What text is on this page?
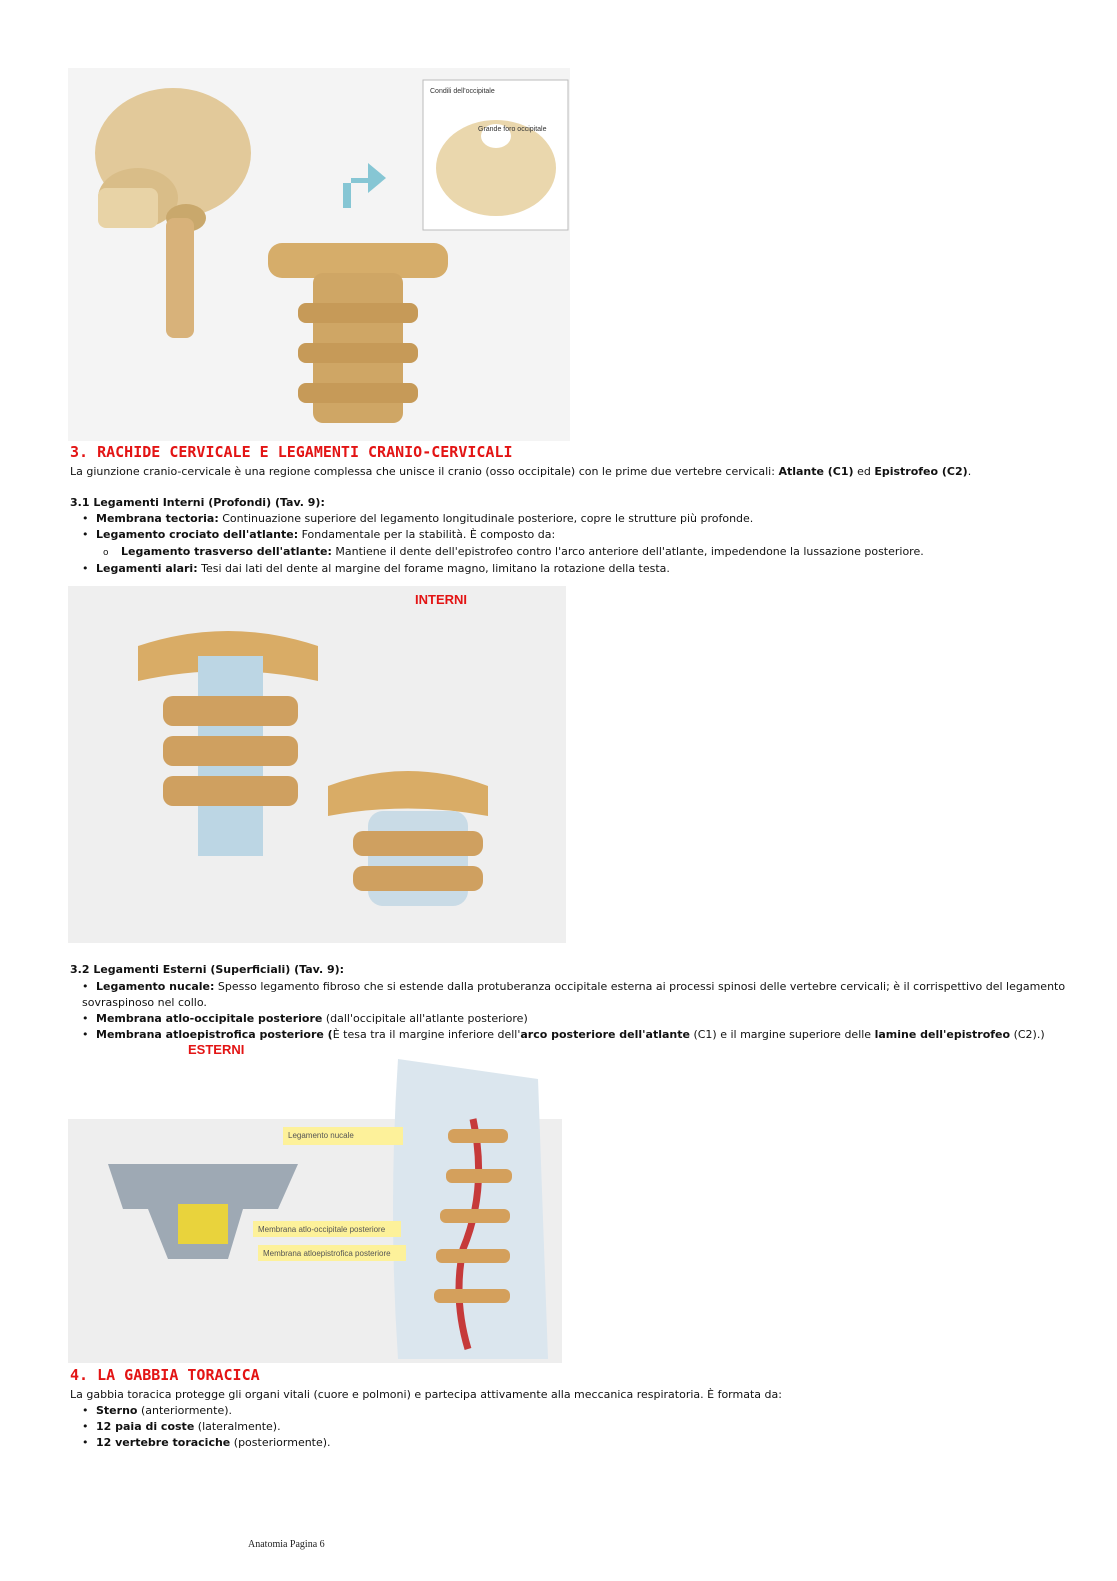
Condili dell'occipitale
Grande foro occipitale
3. RACHIDE CERVICALE E LEGAMENTI CRANIO-CERVICALI

La giunzione cranio-cervicale è una regione complessa che unisce il cranio (osso occipitale) con le prime due vertebre cervicali: Atlante (C1) ed Epistrofeo (C2).

3.1 Legamenti Interni (Profondi) (Tav. 9):

• Membrana tectoria: Continuazione superiore del legamento longitudinale posteriore, copre le strutture più profonde.

• Legamento crociato dell'atlante: Fondamentale per la stabilità. È composto da:

o Legamento trasverso dell'atlante: Mantiene il dente dell'epistrofeo contro l'arco anteriore dell'atlante, impedendone la lussazione posteriore.

• Legamenti alari: Tesi dai lati del dente al margine del forame magno, limitano la rotazione della testa.

INTERNI

3.2 Legamenti Esterni (Superficiali) (Tav. 9):

• Legamento nucale: Spesso legamento fibroso che si estende dalla protuberanza occipitale esterna ai processi spinosi delle vertebre cervicali; è il corrispettivo del legamento sovraspinoso nel collo.

• Membrana atlo-occipitale posteriore (dall'occipitale all'atlante posteriore)

• Membrana atloepistrofica posteriore (È tesa tra il margine inferiore dell'arco posteriore dell'atlante (C1) e il margine superiore delle lamine dell'epistrofeo (C2).)

ESTERNI
Legamento nucale
Membrana atlo-occipitale posteriore
Membrana atloepistrofica posteriore
4. LA GABBIA TORACICA

La gabbia toracica protegge gli organi vitali (cuore e polmoni) e partecipa attivamente alla meccanica respiratoria. È formata da:

• Sterno (anteriormente).

• 12 paia di coste (lateralmente).

• 12 vertebre toraciche (posteriormente).

Anatomia Pagina 6
